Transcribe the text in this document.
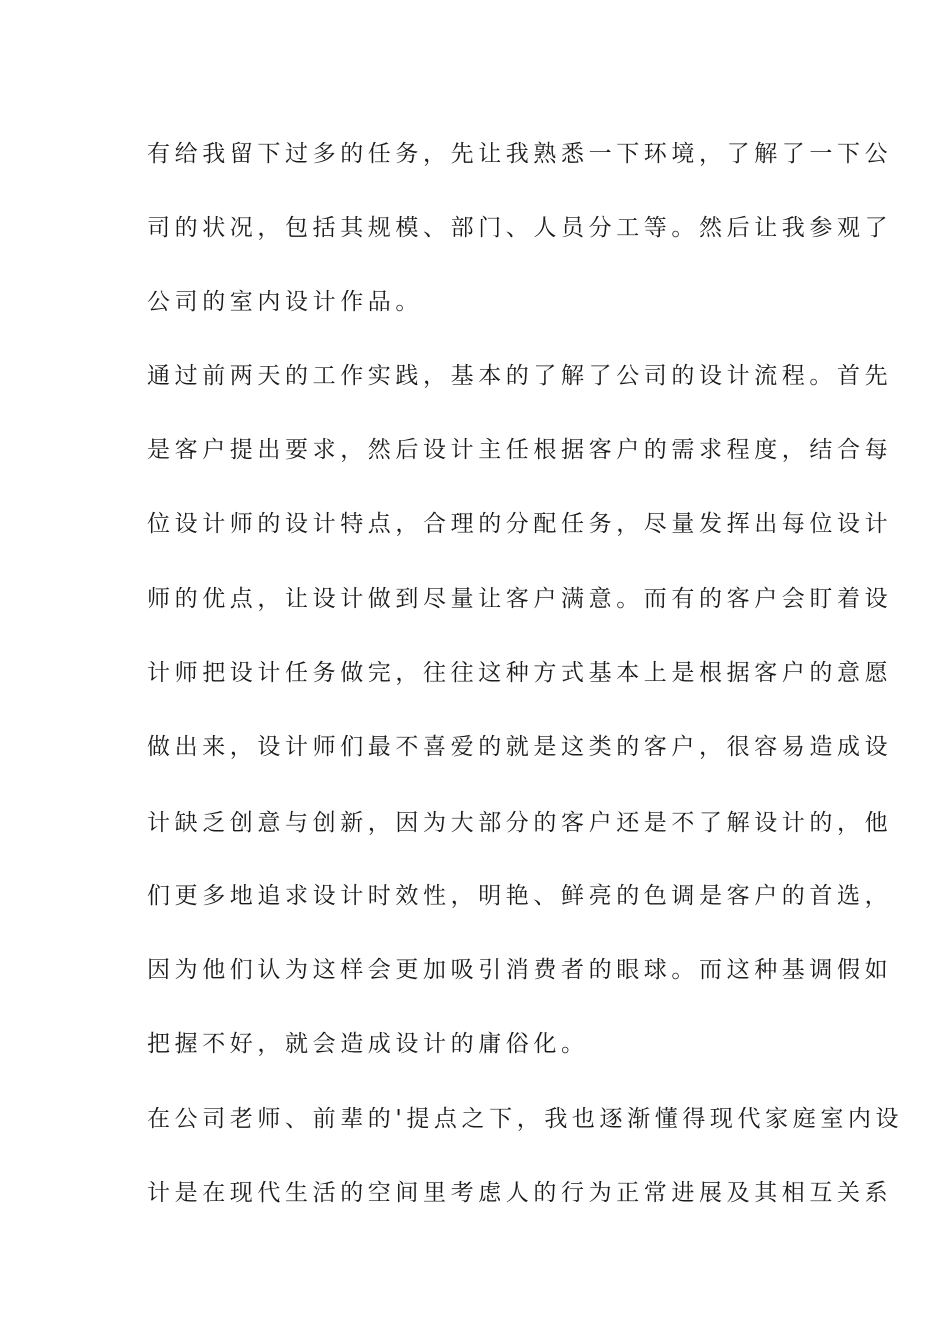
有给我留下过多的任务，先让我熟悉一下环境，了解了一下公
司的状况，包括其规模、部门、人员分工等。然后让我参观了
公司的室内设计作品。
通过前两天的工作实践，基本的了解了公司的设计流程。首先
是客户提出要求，然后设计主任根据客户的需求程度，结合每
位设计师的设计特点，合理的分配任务，尽量发挥出每位设计
师的优点，让设计做到尽量让客户满意。而有的客户会盯着设
计师把设计任务做完，往往这种方式基本上是根据客户的意愿
做出来，设计师们最不喜爱的就是这类的客户，很容易造成设
计缺乏创意与创新，因为大部分的客户还是不了解设计的，他
们更多地追求设计时效性，明艳、鲜亮的色调是客户的首选，
因为他们认为这样会更加吸引消费者的眼球。而这种基调假如
把握不好，就会造成设计的庸俗化。
在公司老师、前辈的'提点之下，我也逐渐懂得现代家庭室内设
计是在现代生活的空间里考虑人的行为正常进展及其相互关系
